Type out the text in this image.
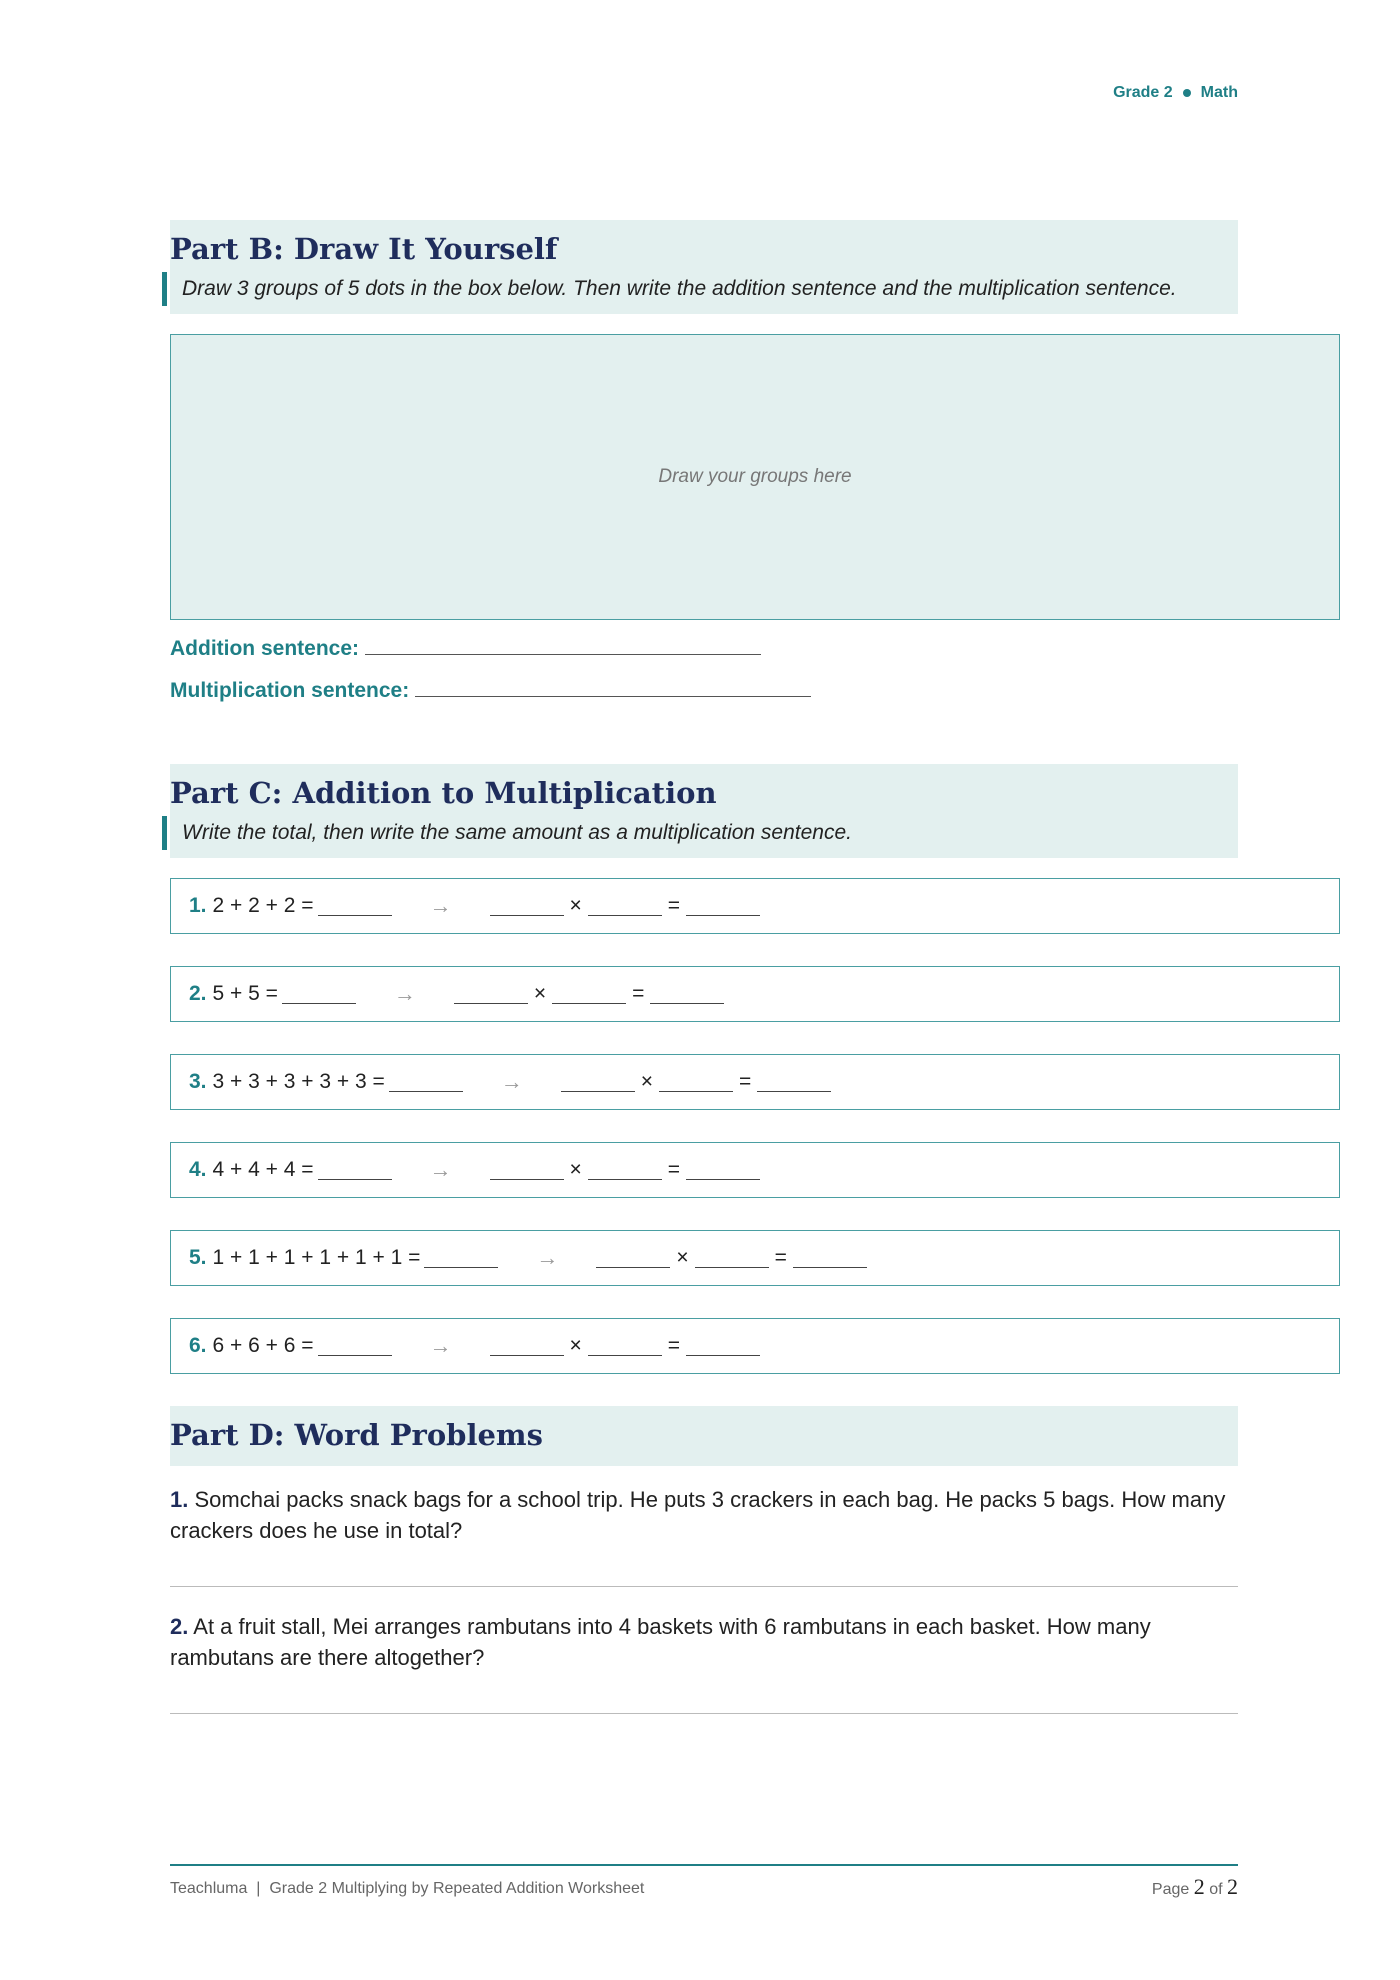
Grade 2 Math
Part B: Draw It Yourself
Draw 3 groups of 5 dots in the box below. Then write the addition sentence and the multiplication sentence.
Draw your groups here
Addition sentence:
Multiplication sentence:
Part C: Addition to Multiplication
Write the total, then write the same amount as a multiplication sentence.
1. 2 + 2 + 2 =	→	×	=
2. 5 + 5 =	→	×	=
3. 3 + 3 + 3 + 3 + 3 =	→	×	=
4. 4 + 4 + 4 =	→	×	=
5. 1 + 1 + 1 + 1 + 1 + 1 =	→	×	=
6. 6 + 6 + 6 =	→	×	=
Part D: Word Problems
1. Somchai packs snack bags for a school trip. He puts 3 crackers in each bag. He packs 5 bags. How many crackers does he use in total?
2. At a fruit stall, Mei arranges rambutans into 4 baskets with 6 rambutans in each basket. How many rambutans are there altogether?
Teachluma  |  Grade 2 Multiplying by Repeated Addition Worksheet	Page 2 of 2
